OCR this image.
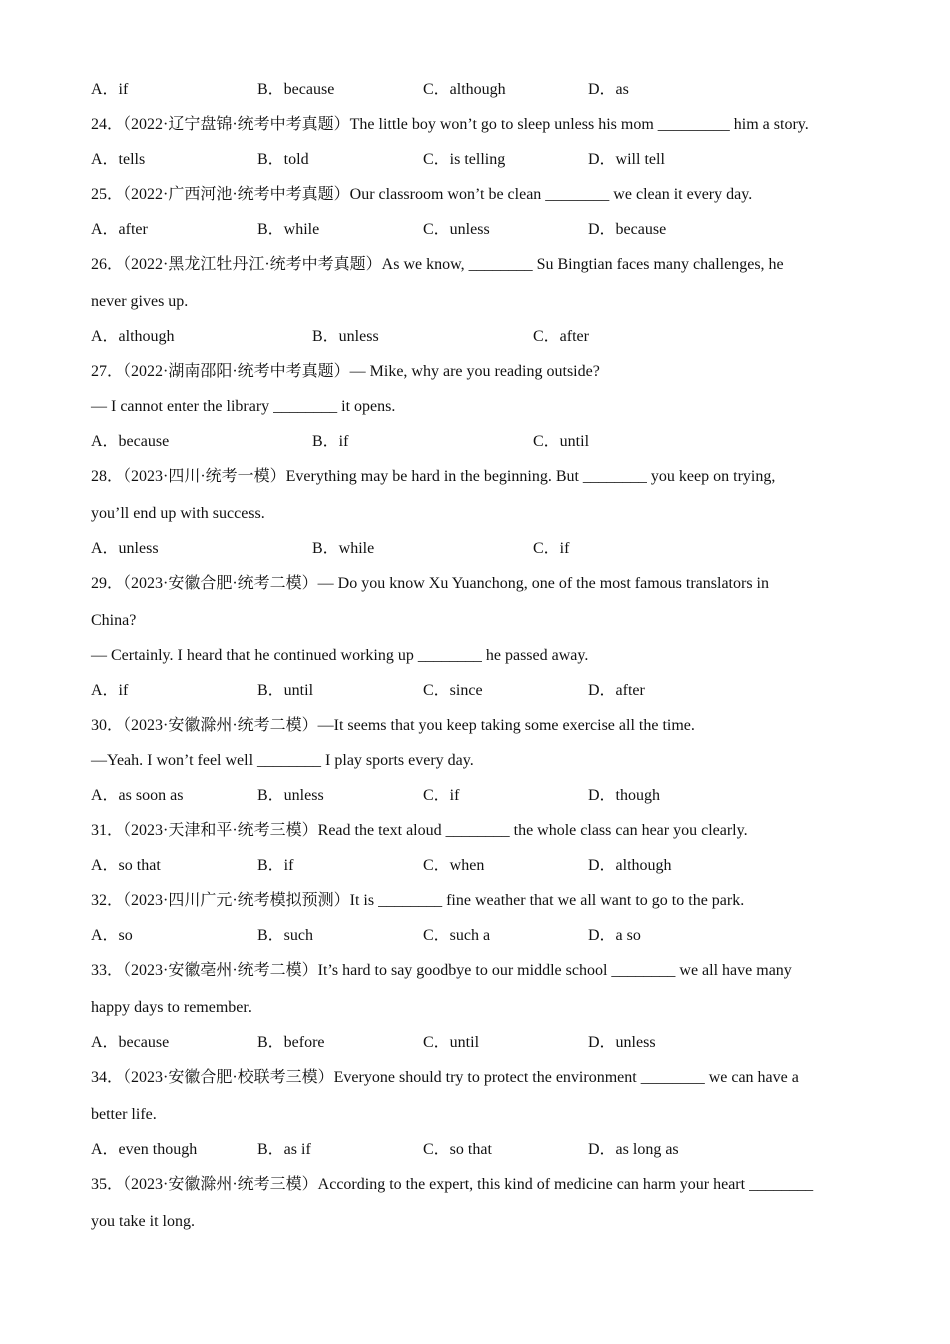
A．if	B．because	C．although	D．as
24．（2022·辽宁盘锦·统考中考真题）The little boy won’t go to sleep unless his mom _________ him a story.
A．tells	B．told	C．is telling	D．will tell
25．（2022·广西河池·统考中考真题）Our classroom won’t be clean ________ we clean it every day.
A．after	B．while	C．unless	D．because
26．（2022·黑龙江牡丹江·统考中考真题）As we know, ________ Su Bingtian faces many challenges, he
never gives up.
A．although	B．unless	C．after
27．（2022·湖南邵阳·统考中考真题）— Mike, why are you reading outside?
— I cannot enter the library ________ it opens.
A．because	B．if	C．until
28．（2023·四川·统考一模）Everything may be hard in the beginning. But ________ you keep on trying,
you’ll end up with success.
A．unless	B．while	C．if
29．（2023·安徽合肥·统考二模）— Do you know Xu Yuanchong, one of the most famous translators in
China?
— Certainly. I heard that he continued working up ________ he passed away.
A．if	B．until	C．since	D．after
30．（2023·安徽滁州·统考二模）—It seems that you keep taking some exercise all the time.
—Yeah. I won’t feel well ________ I play sports every day.
A．as soon as	B．unless	C．if	D．though
31．（2023·天津和平·统考三模）Read the text aloud ________ the whole class can hear you clearly.
A．so that	B．if	C．when	D．although
32．（2023·四川广元·统考模拟预测）It is ________ fine weather that we all want to go to the park.
A．so	B．such	C．such a	D．a so
33．（2023·安徽亳州·统考二模）It’s hard to say goodbye to our middle school ________ we all have many
happy days to remember.
A．because	B．before	C．until	D．unless
34．（2023·安徽合肥·校联考三模）Everyone should try to protect the environment ________ we can have a
better life.
A．even though	B．as if	C．so that	D．as long as
35．（2023·安徽滁州·统考三模）According to the expert, this kind of medicine can harm your heart ________
you take it long.
